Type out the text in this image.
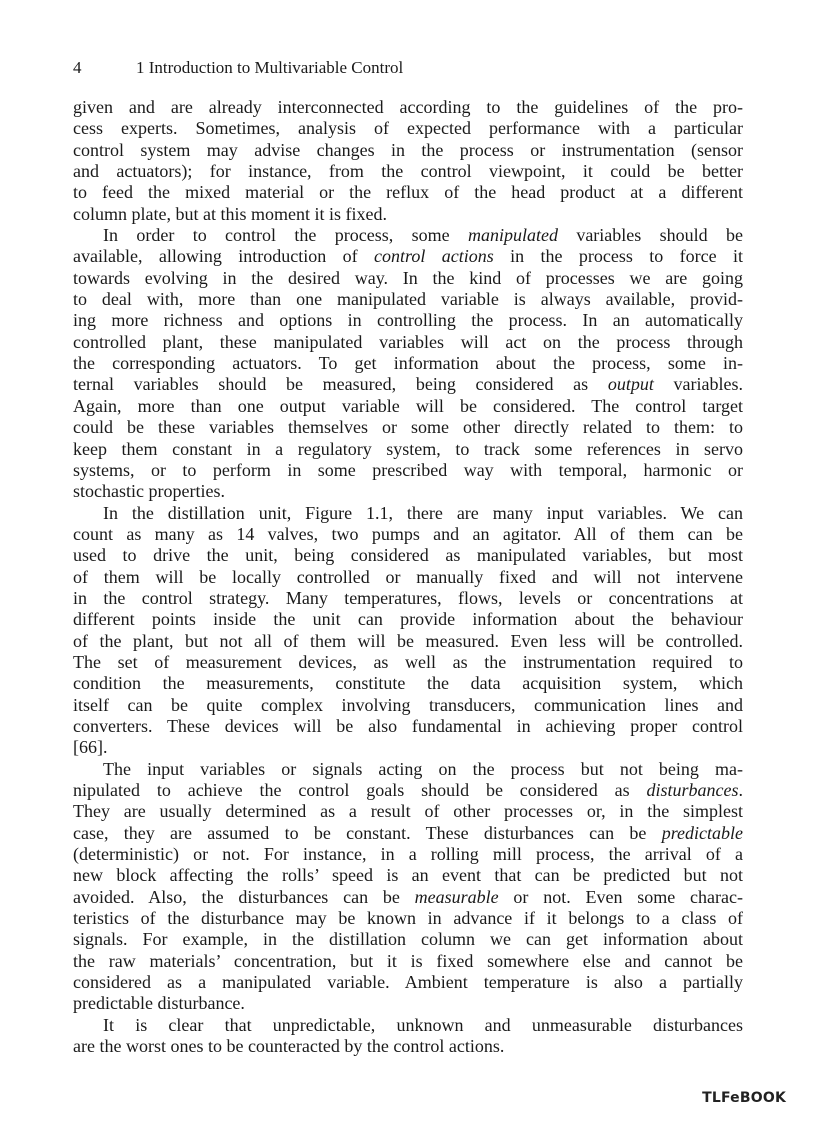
4	1 Introduction to Multivariable Control
given and are already interconnected according to the guidelines of the pro-
cess experts. Sometimes, analysis of expected performance with a particular
control system may advise changes in the process or instrumentation (sensor
and actuators); for instance, from the control viewpoint, it could be better
to feed the mixed material or the reflux of the head product at a different
column plate, but at this moment it is fixed.
In order to control the process, some manipulated variables should be
available, allowing introduction of control actions in the process to force it
towards evolving in the desired way. In the kind of processes we are going
to deal with, more than one manipulated variable is always available, provid-
ing more richness and options in controlling the process. In an automatically
controlled plant, these manipulated variables will act on the process through
the corresponding actuators. To get information about the process, some in-
ternal variables should be measured, being considered as output variables.
Again, more than one output variable will be considered. The control target
could be these variables themselves or some other directly related to them: to
keep them constant in a regulatory system, to track some references in servo
systems, or to perform in some prescribed way with temporal, harmonic or
stochastic properties.
In the distillation unit, Figure 1.1, there are many input variables. We can
count as many as 14 valves, two pumps and an agitator. All of them can be
used to drive the unit, being considered as manipulated variables, but most
of them will be locally controlled or manually fixed and will not intervene
in the control strategy. Many temperatures, flows, levels or concentrations at
different points inside the unit can provide information about the behaviour
of the plant, but not all of them will be measured. Even less will be controlled.
The set of measurement devices, as well as the instrumentation required to
condition the measurements, constitute the data acquisition system, which
itself can be quite complex involving transducers, communication lines and
converters. These devices will be also fundamental in achieving proper control
[66].
The input variables or signals acting on the process but not being ma-
nipulated to achieve the control goals should be considered as disturbances.
They are usually determined as a result of other processes or, in the simplest
case, they are assumed to be constant. These disturbances can be predictable
(deterministic) or not. For instance, in a rolling mill process, the arrival of a
new block affecting the rolls’ speed is an event that can be predicted but not
avoided. Also, the disturbances can be measurable or not. Even some charac-
teristics of the disturbance may be known in advance if it belongs to a class of
signals. For example, in the distillation column we can get information about
the raw materials’ concentration, but it is fixed somewhere else and cannot be
considered as a manipulated variable. Ambient temperature is also a partially
predictable disturbance.
It is clear that unpredictable, unknown and unmeasurable disturbances
are the worst ones to be counteracted by the control actions.
TLFeBOOK
